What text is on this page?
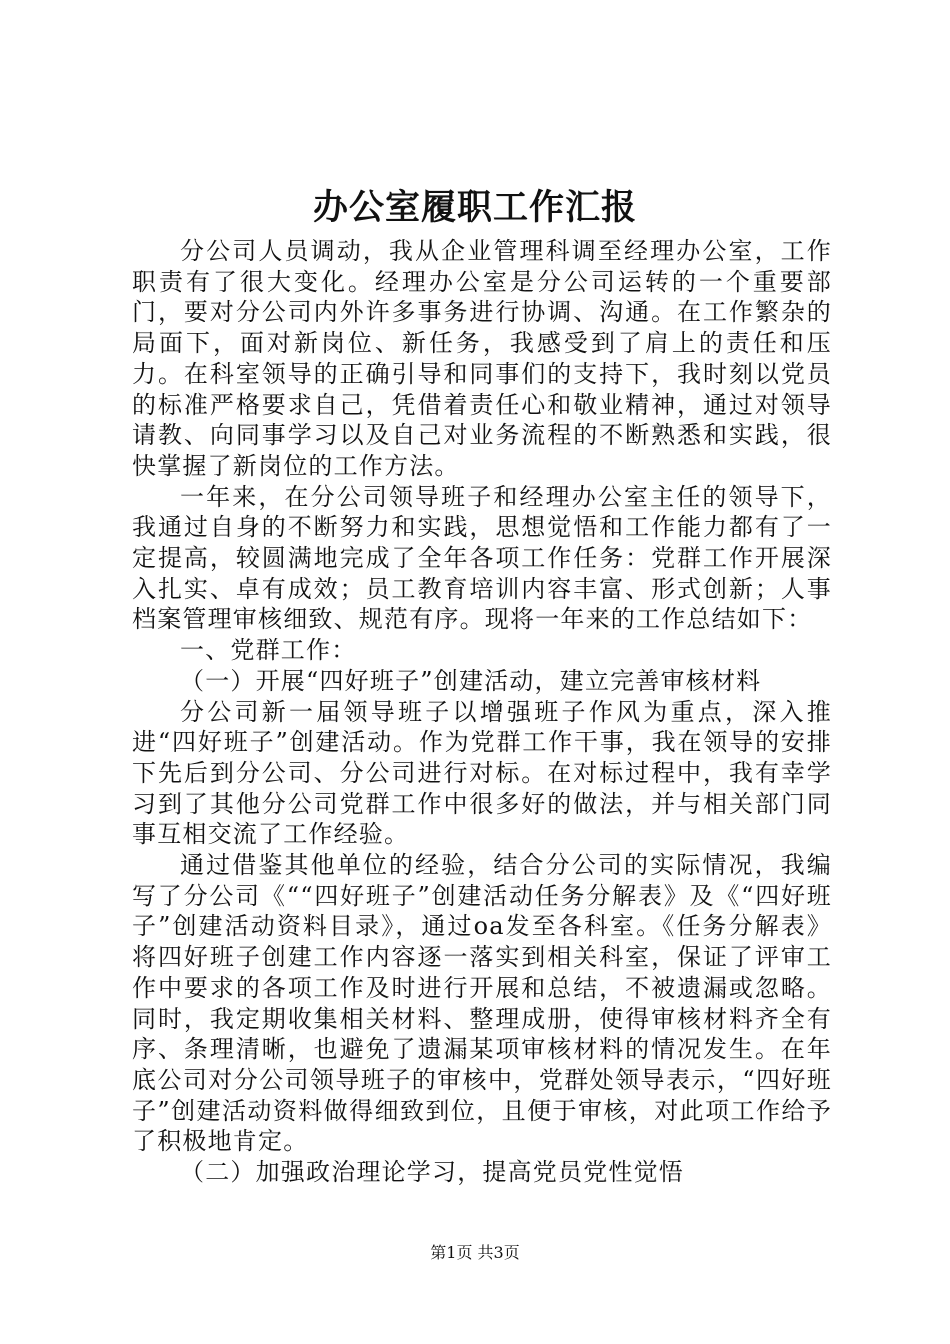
办公室履职工作汇报

分公司人员调动，我从企业管理科调至经理办公室，工作职责有了很大变化。经理办公室是分公司运转的一个重要部门，要对分公司内外许多事务进行协调、沟通。在工作繁杂的局面下，面对新岗位、新任务，我感受到了肩上的责任和压力。在科室领导的正确引导和同事们的支持下，我时刻以党员的标准严格要求自己，凭借着责任心和敬业精神，通过对领导请教、向同事学习以及自己对业务流程的不断熟悉和实践，很快掌握了新岗位的工作方法。

一年来，在分公司领导班子和经理办公室主任的领导下，我通过自身的不断努力和实践，思想觉悟和工作能力都有了一定提高，较圆满地完成了全年各项工作任务：党群工作开展深入扎实、卓有成效；员工教育培训内容丰富、形式创新；人事档案管理审核细致、规范有序。现将一年来的工作总结如下：

一、党群工作：

（一）开展“四好班子”创建活动，建立完善审核材料

分公司新一届领导班子以增强班子作风为重点，深入推进“四好班子”创建活动。作为党群工作干事，我在领导的安排下先后到分公司、分公司进行对标。在对标过程中，我有幸学习到了其他分公司党群工作中很多好的做法，并与相关部门同事互相交流了工作经验。

通过借鉴其他单位的经验，结合分公司的实际情况，我编写了分公司《““四好班子”创建活动任务分解表》及《“四好班子”创建活动资料目录》，通过oa发至各科室。《任务分解表》将四好班子创建工作内容逐一落实到相关科室，保证了评审工作中要求的各项工作及时进行开展和总结，不被遗漏或忽略。同时，我定期收集相关材料、整理成册，使得审核材料齐全有序、条理清晰，也避免了遗漏某项审核材料的情况发生。在年底公司对分公司领导班子的审核中，党群处领导表示，“四好班子”创建活动资料做得细致到位，且便于审核，对此项工作给予了积极地肯定。

（二）加强政治理论学习，提高党员党性觉悟

第1页 共3页
